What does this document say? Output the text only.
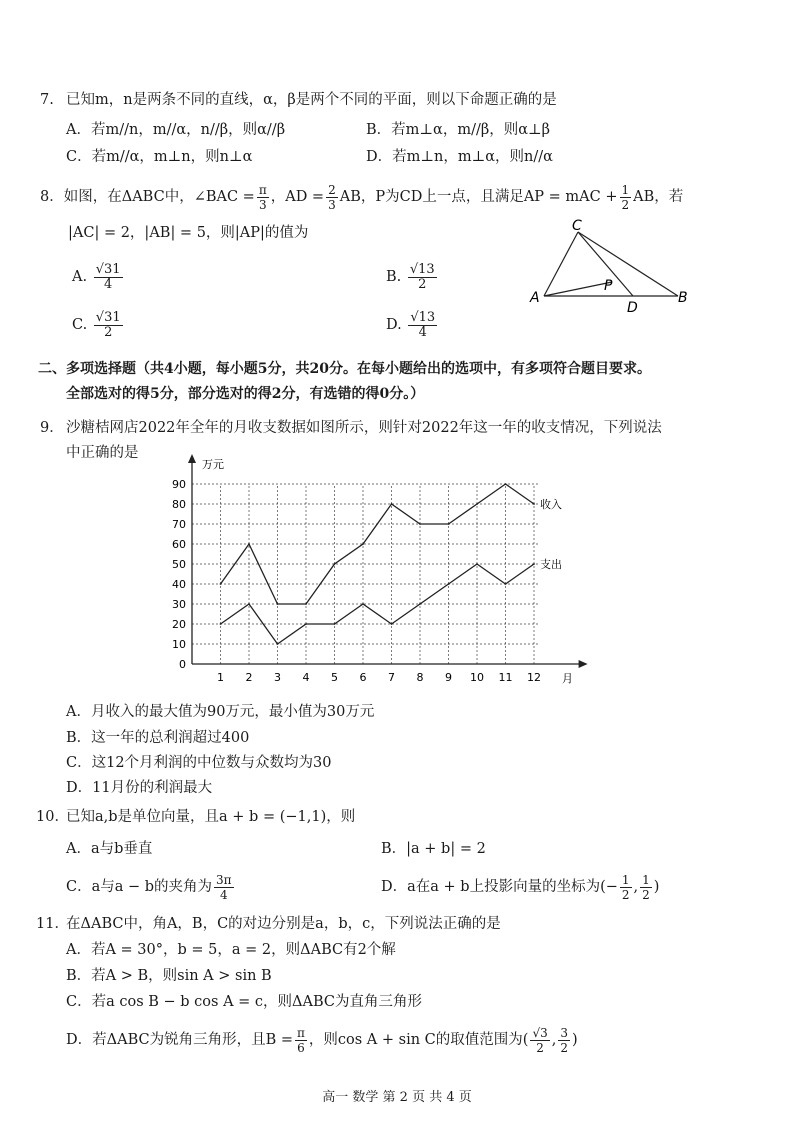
7. 已知m，n是两条不同的直线，α，β是两个不同的平面，则以下命题正确的是
A．若m//n，m//α，n//β，则α//β	B．若m⊥α，m//β，则α⊥β
C．若m//α，m⊥n，则n⊥α	D．若m⊥n，m⊥α，则n//α
8．如图，在ΔABC中，∠BAC = $\frac{\pi}{3}$ ，AD = $\frac{2}{3}$ AB，P为CD上一点，且满足AP = mAC + $\frac{1}{2}$ AB，若
|AC| = 2，|AB| = 5，则|AP|的值为
A. $\frac{√31}{4}$	B. $\frac{√13}{2}$
C. $\frac{√31}{2}$	D. $\frac{√13}{4}$
C
A
P
D
B
二、多项选择题（共4小题，每小题5分，共20分。在每小题给出的选项中，有多项符合题目要求。
全部选对的得5分，部分选对的得2分，有选错的得0分。）
9． 沙糖桔网店2022年全年的月收支数据如图所示，则针对2022年这一年的收支情况，下列说法
中正确的是
0
10
20
30
40
50
60
70
80
90
1 2 3 4 5 6 7 8 9 10 11 12
收入
支出
万元
月
A．月收入的最大值为90万元，最小值为30万元
B．这一年的总利润超过400
C．这12个月利润的中位数与众数均为30
D．11月份的利润最大
10．
已知a,b是单位向量，且a + b = (−1,1)，则
A．a与b垂直	B．|a + b| = 2
C．a与a − b的夹角为 $\frac{3\pi}{4}$	D．a在a + b上投影向量的坐标为(− $\frac{1}{2}$ , $\frac{1}{2}$ )
11．
在ΔABC中，角A，B，C的对边分别是a，b，c，下列说法正确的是
A．若A = 30°，b = 5，a = 2，则ΔABC有2个解
B．若A > B，则sin A > sin B
C．若a cos B − b cos A = c，则ΔABC为直角三角形
D．若ΔABC为锐角三角形，且$B = \frac{\pi}{6}$ ，则cos A + sin C的取值范围为( $\frac{√3}{2}$ , $\frac{3}{2}$ )
高一 数学 第 2 页 共 4 页
